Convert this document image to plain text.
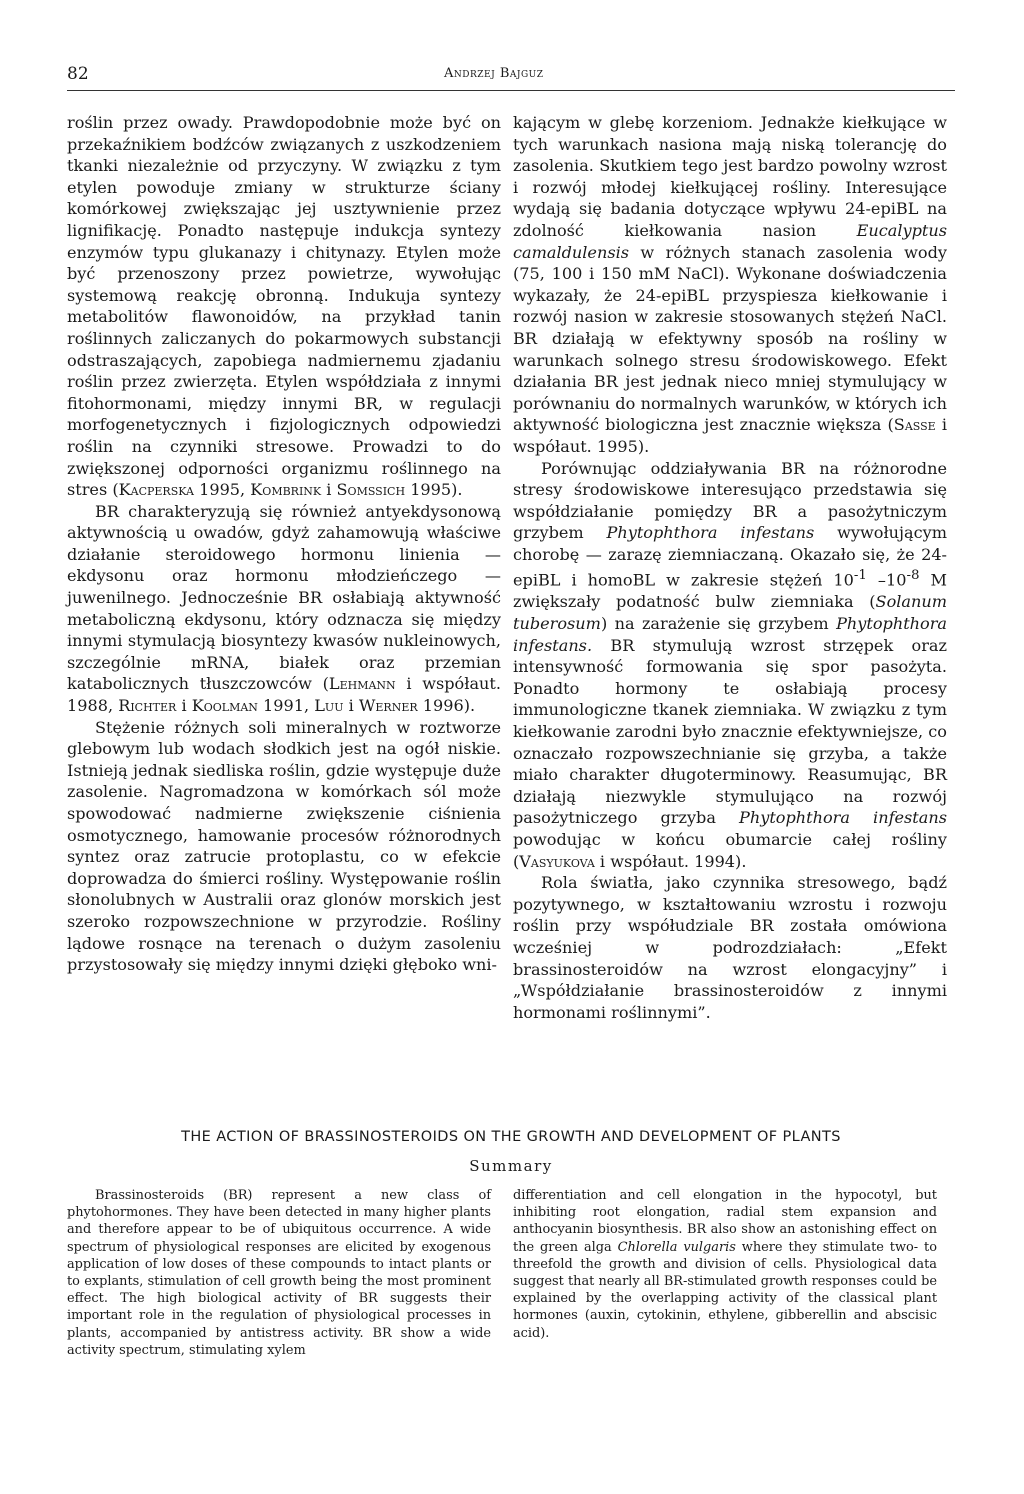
82	Andrzej Bajguz

roślin przez owady. Prawdopodobnie może być on przekaźnikiem bodźców związanych z uszkodzeniem tkanki niezależnie od przyczyny. W związku z tym etylen powoduje zmiany w strukturze ściany komórkowej zwiększając jej usztywnienie przez lignifikację. Ponadto następuje indukcja syntezy enzymów typu glukanazy i chitynazy. Etylen może być przenoszony przez powietrze, wywołując systemową reakcję obronną. Indukuja syntezy metabolitów flawonoidów, na przykład tanin roślinnych zaliczanych do pokarmowych substancji odstraszających, zapobiega nadmiernemu zjadaniu roślin przez zwierzęta. Etylen współdziała z innymi fitohormonami, między innymi BR, w regulacji morfogenetycznych i fizjologicznych odpowiedzi roślin na czynniki stresowe. Prowadzi to do zwiększonej odporności organizmu roślinnego na stres (Kacperska 1995, Kombrink i Somssich 1995).

BR charakteryzują się również antyekdysonową aktywnością u owadów, gdyż zahamowują właściwe działanie steroidowego hormonu linienia — ekdysonu oraz hormonu młodzieńczego — juwenilnego. Jednocześnie BR osłabiają aktywność metaboliczną ekdysonu, który odznacza się między innymi stymulacją biosyntezy kwasów nukleinowych, szczególnie mRNA, białek oraz przemian katabolicznych tłuszczowców (Lehmann i współaut. 1988, Richter i Koolman 1991, Luu i Werner 1996).

Stężenie różnych soli mineralnych w roztworze glebowym lub wodach słodkich jest na ogół niskie. Istnieją jednak siedliska roślin, gdzie występuje duże zasolenie. Nagromadzona w komórkach sól może spowodować nadmierne zwiększenie ciśnienia osmotycznego, hamowanie procesów różnorodnych syntez oraz zatrucie protoplastu, co w efekcie doprowadza do śmierci rośliny. Występowanie roślin słonolubnych w Australii oraz glonów morskich jest szeroko rozpowszechnione w przyrodzie. Rośliny lądowe rosnące na terenach o dużym zasoleniu przystosowały się między innymi dzięki głęboko wni-

kającym w glebę korzeniom. Jednakże kiełkujące w tych warunkach nasiona mają niską tolerancję do zasolenia. Skutkiem tego jest bardzo powolny wzrost i rozwój młodej kiełkującej rośliny. Interesujące wydają się badania dotyczące wpływu 24-epiBL na zdolność kiełkowania nasion Eucalyptus camaldulensis w różnych stanach zasolenia wody (75, 100 i 150 mM NaCl). Wykonane doświadczenia wykazały, że 24-epiBL przyspiesza kiełkowanie i rozwój nasion w zakresie stosowanych stężeń NaCl. BR działają w efektywny sposób na rośliny w warunkach solnego stresu środowiskowego. Efekt działania BR jest jednak nieco mniej stymulujący w porównaniu do normalnych warunków, w których ich aktywność biologiczna jest znacznie większa (Sasse i współaut. 1995).

Porównując oddziaływania BR na różnorodne stresy środowiskowe interesująco przedstawia się współdziałanie pomiędzy BR a pasożytniczym grzybem Phytophthora infestans wywołującym chorobę — zarazę ziemniaczaną. Okazało się, że 24-epiBL i homoBL w zakresie stężeń $10^{-1}$ $-10^{-8}$ M zwiększały podatność bulw ziemniaka (Solanum tuberosum) na zarażenie się grzybem Phytophthora infestans. BR stymulują wzrost strzępek oraz intensywność formowania się spor pasożyta. Ponadto hormony te osłabiają procesy immunologiczne tkanek ziemniaka. W związku z tym kiełkowanie zarodni było znacznie efektywniejsze, co oznaczało rozpowszechnianie się grzyba, a także miało charakter długoterminowy. Reasumując, BR działają niezwykle stymulująco na rozwój pasożytniczego grzyba Phytophthora infestans powodując w końcu obumarcie całej rośliny (Vasyukova i współaut. 1994).

Rola światła, jako czynnika stresowego, bądź pozytywnego, w kształtowaniu wzrostu i rozwoju roślin przy współudziale BR została omówiona wcześniej w podrozdziałach: „Efekt brassinosteroidów na wzrost elongacyjny” i „Współdziałanie brassinosteroidów z innymi hormonami roślinnymi”.

THE ACTION OF BRASSINOSTEROIDS ON THE GROWTH AND DEVELOPMENT OF PLANTS
Summary

Brassinosteroids (BR) represent a new class of phytohormones. They have been detected in many higher plants and therefore appear to be of ubiquitous occurrence. A wide spectrum of physiological responses are elicited by exogenous application of low doses of these compounds to intact plants or to explants, stimulation of cell growth being the most prominent effect. The high biological activity of BR suggests their important role in the regulation of physiological processes in plants, accompanied by antistress activity. BR show a wide activity spectrum, stimulating xylem

differentiation and cell elongation in the hypocotyl, but inhibiting root elongation, radial stem expansion and anthocyanin biosynthesis. BR also show an astonishing effect on the green alga Chlorella vulgaris where they stimulate two- to threefold the growth and division of cells. Physiological data suggest that nearly all BR-stimulated growth responses could be explained by the overlapping activity of the classical plant hormones (auxin, cytokinin, ethylene, gibberellin and abscisic acid).
